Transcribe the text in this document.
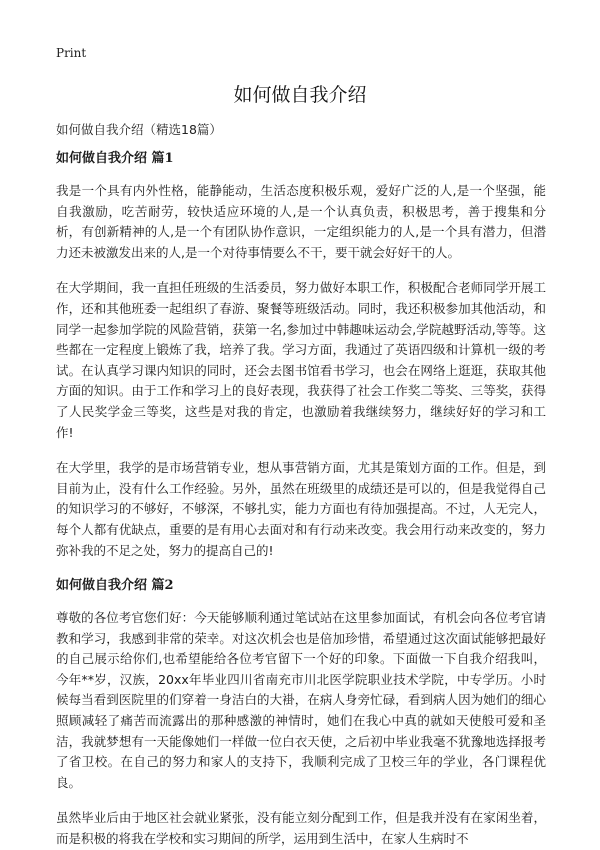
Print
如何做自我介绍
如何做自我介绍（精选18篇）
如何做自我介绍 篇1

我是一个具有内外性格，能静能动，生活态度积极乐观，爱好广泛的人,是一个坚强，能自我激励，吃苦耐劳，较快适应环境的人,是一个认真负责，积极思考，善于搜集和分析，有创新精神的人,是一个有团队协作意识，一定组织能力的人,是一个具有潜力，但潜力还未被激发出来的人,是一个对待事情要么不干，要干就会好好干的人。

在大学期间，我一直担任班级的生活委员，努力做好本职工作，积极配合老师同学开展工作，还和其他班委一起组织了春游、聚餐等班级活动。同时，我还积极参加其他活动，和同学一起参加学院的风险营销，获第一名,参加过中韩趣味运动会,学院越野活动,等等。这些都在一定程度上锻炼了我，培养了我。学习方面，我通过了英语四级和计算机一级的考试。在认真学习课内知识的同时，还会去图书馆看书学习，也会在网络上逛逛，获取其他方面的知识。由于工作和学习上的良好表现，我获得了社会工作奖二等奖、三等奖，获得了人民奖学金三等奖，这些是对我的肯定，也激励着我继续努力，继续好好的学习和工作!

在大学里，我学的是市场营销专业，想从事营销方面，尤其是策划方面的工作。但是，到目前为止，没有什么工作经验。另外，虽然在班级里的成绩还是可以的，但是我觉得自己的知识学习的不够好，不够深，不够扎实，能力方面也有待加强提高。不过，人无完人，每个人都有优缺点，重要的是有用心去面对和有行动来改变。我会用行动来改变的，努力弥补我的不足之处，努力的提高自己的!

如何做自我介绍 篇2

尊敬的各位考官您们好：今天能够顺利通过笔试站在这里参加面试，有机会向各位考官请教和学习，我感到非常的荣幸。对这次机会也是倍加珍惜，希望通过这次面试能够把最好的自己展示给你们,也希望能给各位考官留下一个好的印象。下面做一下自我介绍我叫，今年**岁，汉族，20xx年毕业四川省南充市川北医学院职业技术学院，中专学历。小时候每当看到医院里的们穿着一身洁白的大褂，在病人身旁忙碌，看到病人因为她们的细心照顾减轻了痛苦而流露出的那种感激的神情时，她们在我心中真的就如天使般可爱和圣洁，我就梦想有一天能像她们一样做一位白衣天使，之后初中毕业我毫不犹豫地选择报考了省卫校。在自己的努力和家人的支持下，我顺利完成了卫校三年的学业，各门课程优良。

虽然毕业后由于地区社会就业紧张，没有能立刻分配到工作，但是我并没有在家闲坐着，而是积极的将我在学校和实习期间的所学，运用到生活中，在家人生病时不
